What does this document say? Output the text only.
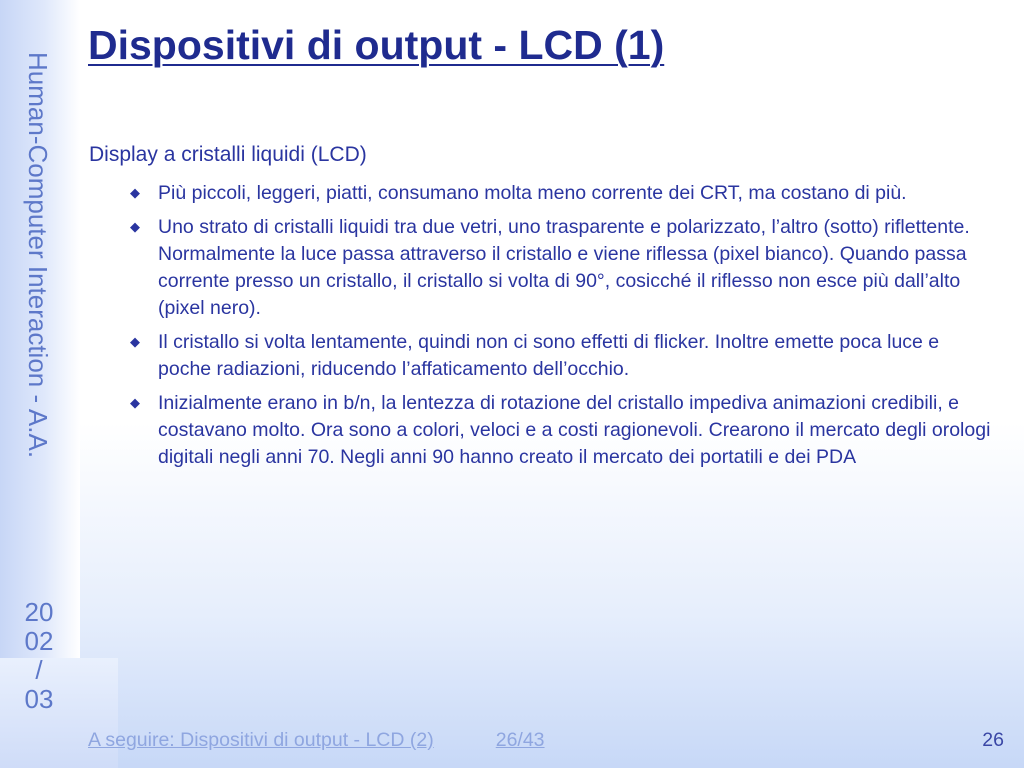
Human-Computer Interaction - A.A.
20
02
/
03
Dispositivi di output - LCD (1)

Display a cristalli liquidi (LCD)

◆ Più piccoli, leggeri, piatti, consumano molta meno corrente dei CRT, ma costano di più.
◆ Uno strato di cristalli liquidi tra due vetri, uno trasparente e polarizzato, l’altro (sotto) riflettente. Normalmente la luce passa attraverso il cristallo e viene riflessa (pixel bianco). Quando passa corrente presso un cristallo, il cristallo si volta di 90°, cosicché il riflesso non esce più dall’alto (pixel nero).
◆ Il cristallo si volta lentamente, quindi non ci sono effetti di flicker. Inoltre emette poca luce e poche radiazioni, riducendo l’affaticamento dell’occhio.
◆ Inizialmente erano in b/n, la lentezza di rotazione del cristallo impediva animazioni credibili, e costavano molto. Ora sono a colori, veloci e a costi ragionevoli. Crearono il mercato degli orologi digitali negli anni 70. Negli anni 90 hanno creato il mercato dei portatili e dei PDA
A seguire: Dispositivi di output - LCD (2)	26/43	26
